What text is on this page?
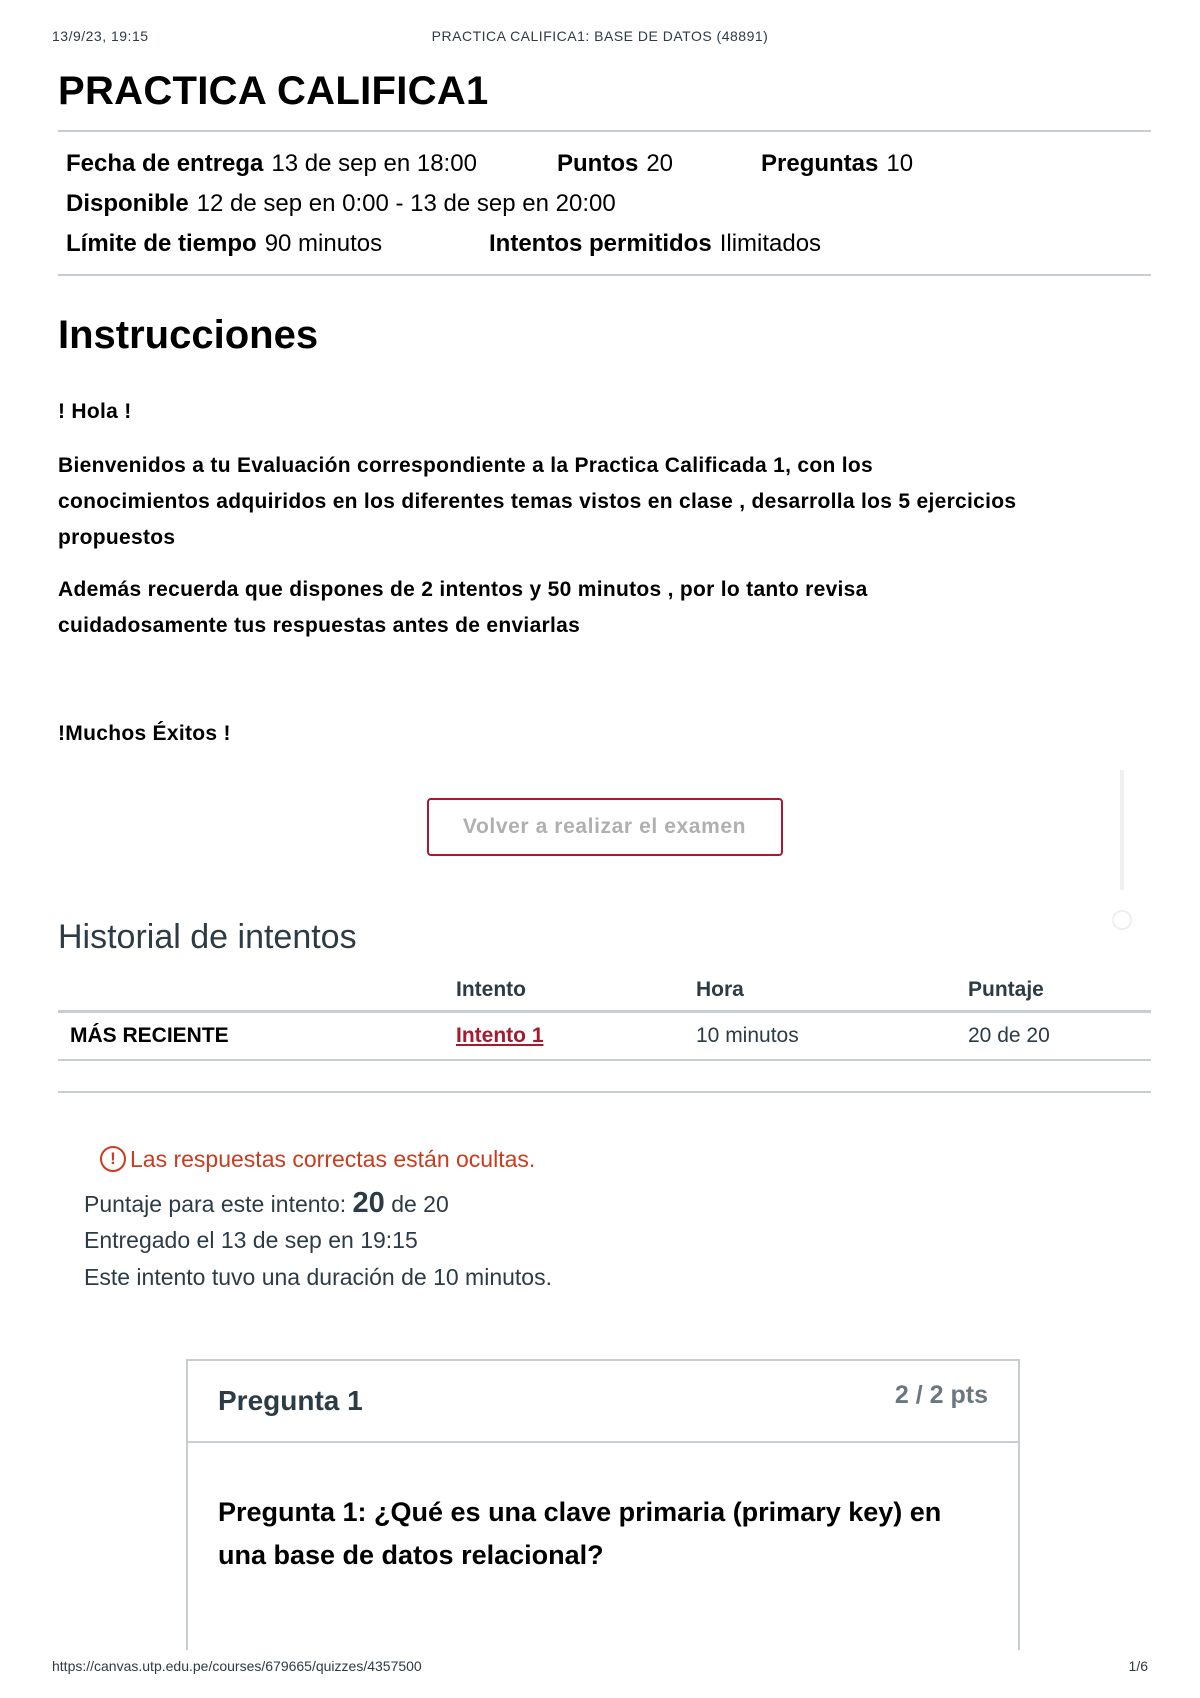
13/9/23, 19:15	PRACTICA CALIFICA1: BASE DE DATOS (48891)
PRACTICA CALIFICA1
Fecha de entrega 13 de sep en 18:00	Puntos 20	Preguntas 10
Disponible 12 de sep en 0:00 - 13 de sep en 20:00
Límite de tiempo 90 minutos	Intentos permitidos Ilimitados
Instrucciones

! Hola !

Bienvenidos a tu Evaluación correspondiente a la Practica Calificada 1, con los

conocimientos adquiridos en los diferentes temas vistos en clase , desarrolla los 5 ejercicios

propuestos

Además recuerda que dispones de 2 intentos y 50 minutos , por lo tanto revisa

cuidadosamente tus respuestas antes de enviarlas

!Muchos Éxitos !

Volver a realizar el examen
Historial de intentos
	Intento	Hora	Puntaje
MÁS RECIENTE	Intento 1	10 minutos	20 de 20
! Las respuestas correctas están ocultas.
Puntaje para este intento: 20 de 20
Entregado el 13 de sep en 19:15
Este intento tuvo una duración de 10 minutos.
Pregunta 1	2 / 2 pts
Pregunta 1: ¿Qué es una clave primaria (primary key) en
una base de datos relacional?
https://canvas.utp.edu.pe/courses/679665/quizzes/4357500	1/6
